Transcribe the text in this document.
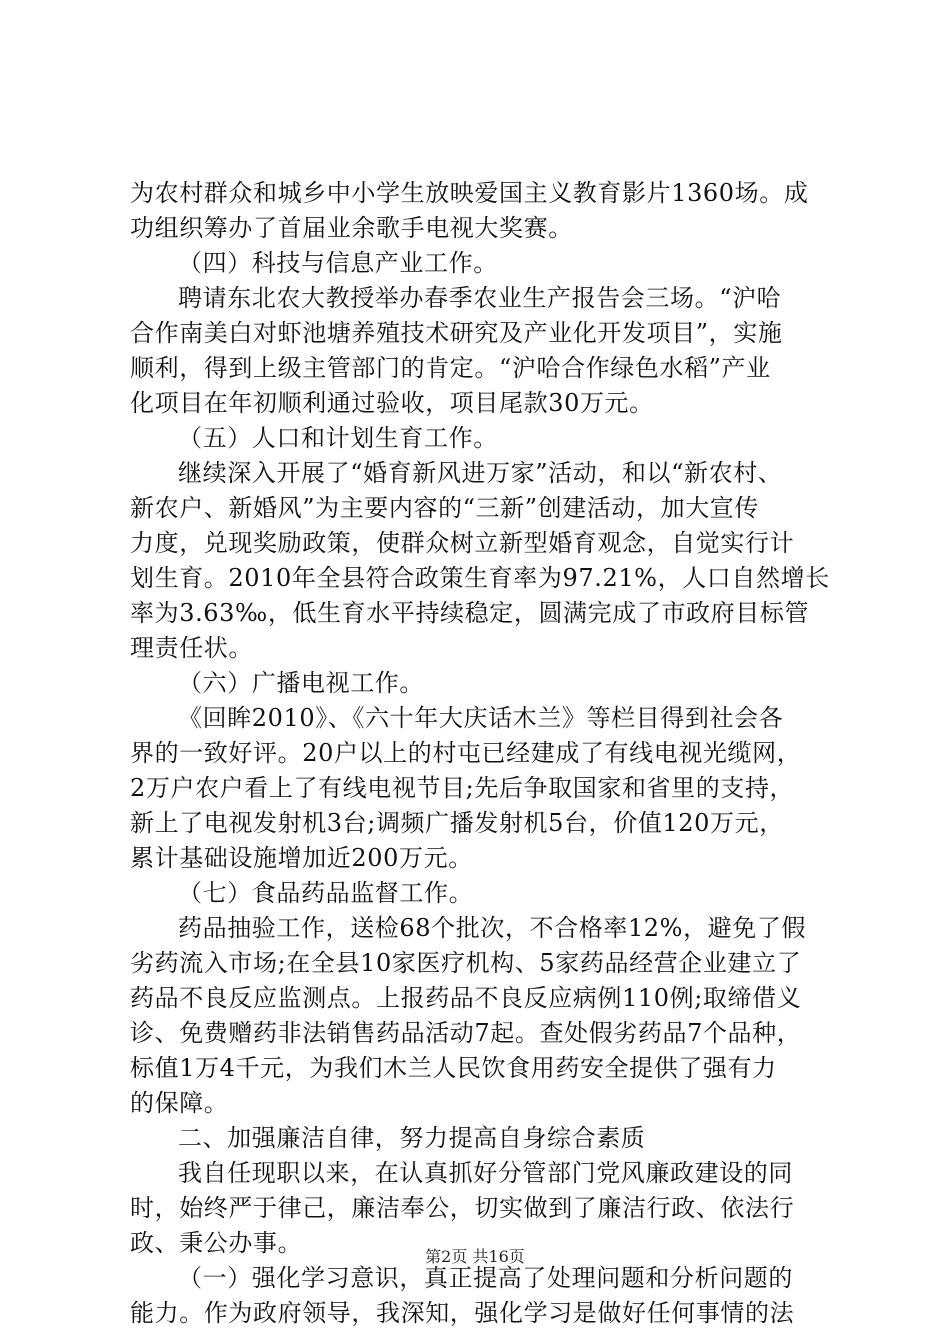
为农村群众和城乡中小学生放映爱国主义教育影片1360场。成
功组织筹办了首届业余歌手电视大奖赛。
（四）科技与信息产业工作。
聘请东北农大教授举办春季农业生产报告会三场。“沪哈
合作南美白对虾池塘养殖技术研究及产业化开发项目”，实施
顺利，得到上级主管部门的肯定。“沪哈合作绿色水稻”产业
化项目在年初顺利通过验收，项目尾款30万元。
（五）人口和计划生育工作。
继续深入开展了“婚育新风进万家”活动，和以“新农村、
新农户、新婚风”为主要内容的“三新”创建活动，加大宣传
力度，兑现奖励政策，使群众树立新型婚育观念，自觉实行计
划生育。2010年全县符合政策生育率为97.21%，人口自然增长
率为3.63‰，低生育水平持续稳定，圆满完成了市政府目标管
理责任状。
（六）广播电视工作。
《回眸2010》、《六十年大庆话木兰》等栏目得到社会各
界的一致好评。20户以上的村屯已经建成了有线电视光缆网，
2万户农户看上了有线电视节目;先后争取国家和省里的支持，
新上了电视发射机3台;调频广播发射机5台，价值120万元，
累计基础设施增加近200万元。
（七）食品药品监督工作。
药品抽验工作，送检68个批次，不合格率12%，避免了假
劣药流入市场;在全县10家医疗机构、5家药品经营企业建立了
药品不良反应监测点。上报药品不良反应病例110例;取缔借义
诊、免费赠药非法销售药品活动7起。查处假劣药品7个品种，
标值1万4千元，为我们木兰人民饮食用药安全提供了强有力
的保障。
二、加强廉洁自律，努力提高自身综合素质
我自任现职以来，在认真抓好分管部门党风廉政建设的同
时，始终严于律己，廉洁奉公，切实做到了廉洁行政、依法行
政、秉公办事。
（一）强化学习意识，真正提高了处理问题和分析问题的
能力。作为政府领导，我深知，强化学习是做好任何事情的法
第2页 共16页
